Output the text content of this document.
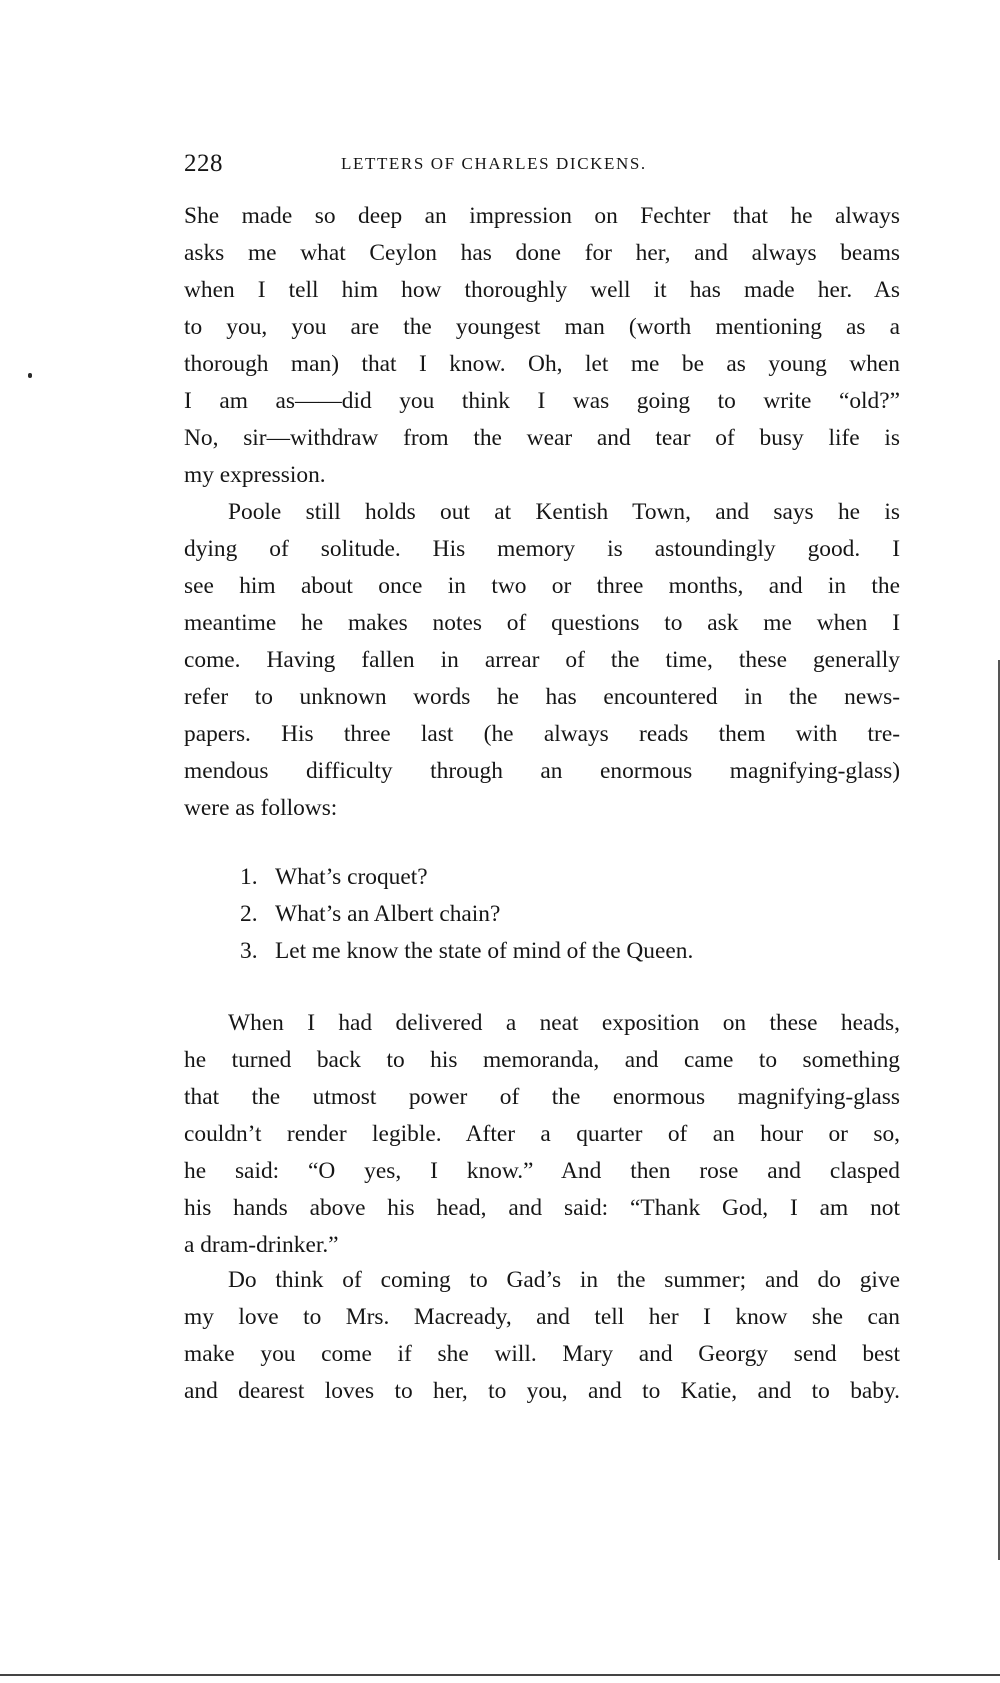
228	LETTERS OF CHARLES DICKENS.
She made so deep an impression on Fechter that he always
asks me what Ceylon has done for her, and always beams
when I tell him how thoroughly well it has made her. As
to you, you are the youngest man (worth mentioning as a
thorough man) that I know. Oh, let me be as young when
I am as——did you think I was going to write “old?”
No, sir—withdraw from the wear and tear of busy life is
my expression.
Poole still holds out at Kentish Town, and says he is
dying of solitude. His memory is astoundingly good. I
see him about once in two or three months, and in the
meantime he makes notes of questions to ask me when I
come. Having fallen in arrear of the time, these generally
refer to unknown words he has encountered in the news-
papers. His three last (he always reads them with tre-
mendous difficulty through an enormous magnifying-glass)
were as follows:
1. What’s croquet?
2. What’s an Albert chain?
3. Let me know the state of mind of the Queen.
When I had delivered a neat exposition on these heads,
he turned back to his memoranda, and came to something
that the utmost power of the enormous magnifying-glass
couldn’t render legible. After a quarter of an hour or so,
he said: “O yes, I know.” And then rose and clasped
his hands above his head, and said: “Thank God, I am not
a dram-drinker.”
Do think of coming to Gad’s in the summer; and do give
my love to Mrs. Macready, and tell her I know she can
make you come if she will. Mary and Georgy send best
and dearest loves to her, to you, and to Katie, and to baby.
